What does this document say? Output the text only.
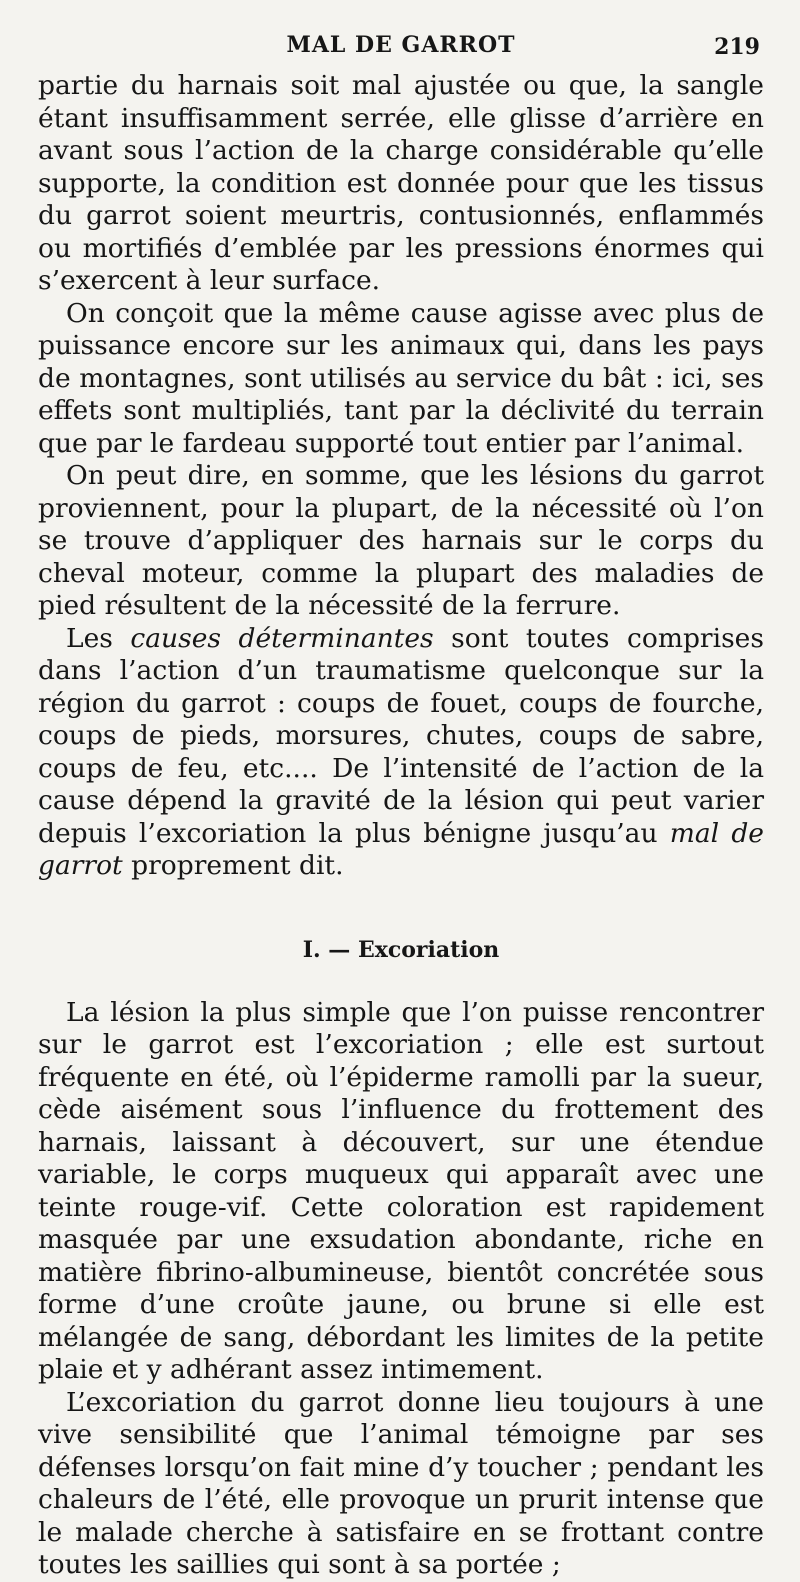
MAL DE GARROT	219

partie du harnais soit mal ajustée ou que, la sangle étant insuffisamment serrée, elle glisse d’arrière en avant sous l’action de la charge considérable qu’elle supporte, la condition est donnée pour que les tissus du garrot soient meurtris, contusionnés, enflammés ou mortifiés d’emblée par les pressions énormes qui s’exercent à leur surface.

On conçoit que la même cause agisse avec plus de puissance encore sur les animaux qui, dans les pays de montagnes, sont utilisés au service du bât : ici, ses effets sont multipliés, tant par la déclivité du terrain que par le fardeau supporté tout entier par l’animal.

On peut dire, en somme, que les lésions du garrot proviennent, pour la plupart, de la nécessité où l’on se trouve d’appliquer des harnais sur le corps du cheval moteur, comme la plupart des maladies de pied résultent de la nécessité de la ferrure.

Les causes déterminantes sont toutes comprises dans l’action d’un traumatisme quelconque sur la région du garrot : coups de fouet, coups de fourche, coups de pieds, morsures, chutes, coups de sabre, coups de feu, etc.... De l’intensité de l’action de la cause dépend la gravité de la lésion qui peut varier depuis l’excoriation la plus bénigne jusqu’au mal de garrot proprement dit.

I. — Excoriation

La lésion la plus simple que l’on puisse rencontrer sur le garrot est l’excoriation ; elle est surtout fréquente en été, où l’épiderme ramolli par la sueur, cède aisément sous l’influence du frottement des harnais, laissant à découvert, sur une étendue variable, le corps muqueux qui apparaît avec une teinte rouge-vif. Cette coloration est rapidement masquée par une exsudation abondante, riche en matière fibrino-albumineuse, bientôt concrétée sous forme d’une croûte jaune, ou brune si elle est mélangée de sang, débordant les limites de la petite plaie et y adhérant assez intimement.

L’excoriation du garrot donne lieu toujours à une vive sensibilité que l’animal témoigne par ses défenses lorsqu’on fait mine d’y toucher ; pendant les chaleurs de l’été, elle provoque un prurit intense que le malade cherche à satisfaire en se frottant contre toutes les saillies qui sont à sa portée ;
